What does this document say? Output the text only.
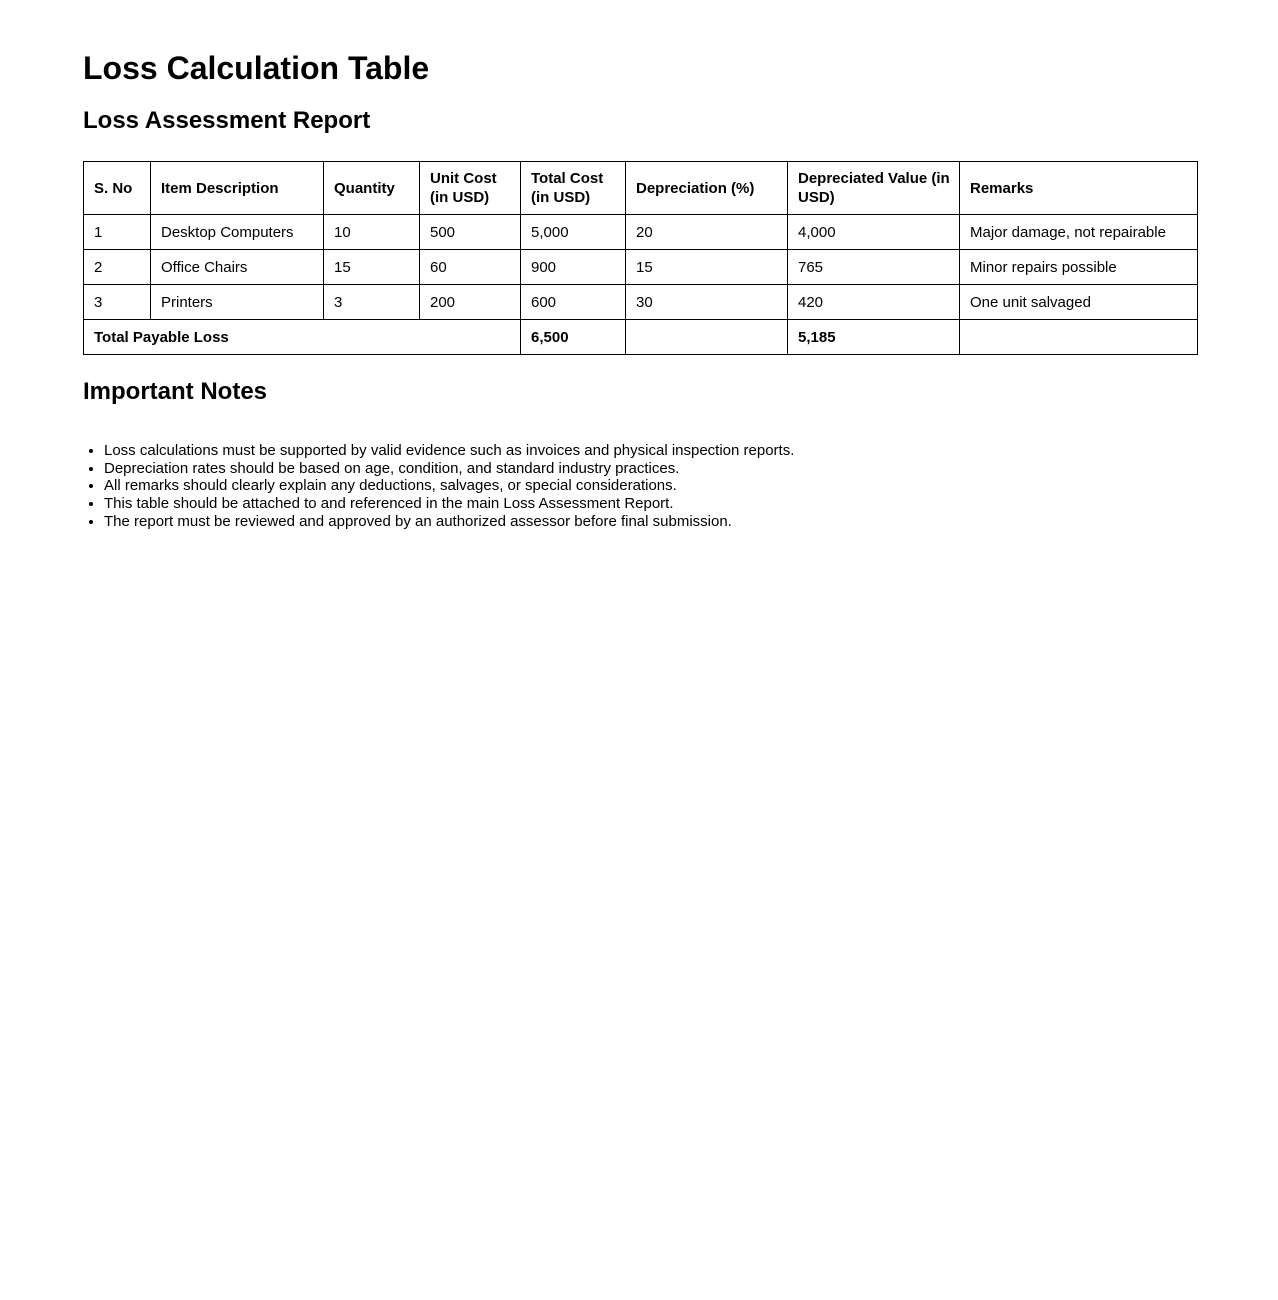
Loss Calculation Table
Loss Assessment Report
S. No	Item Description	Quantity	Unit Cost (in USD)	Total Cost (in USD)	Depreciation (%)	Depreciated Value (in USD)	Remarks
1	Desktop Computers	10	500	5,000	20	4,000	Major damage, not repairable
2	Office Chairs	15	60	900	15	765	Minor repairs possible
3	Printers	3	200	600	30	420	One unit salvaged
Total Payable Loss				6,500		5,185	
Important Notes
• Loss calculations must be supported by valid evidence such as invoices and physical inspection reports.
• Depreciation rates should be based on age, condition, and standard industry practices.
• All remarks should clearly explain any deductions, salvages, or special considerations.
• This table should be attached to and referenced in the main Loss Assessment Report.
• The report must be reviewed and approved by an authorized assessor before final submission.
